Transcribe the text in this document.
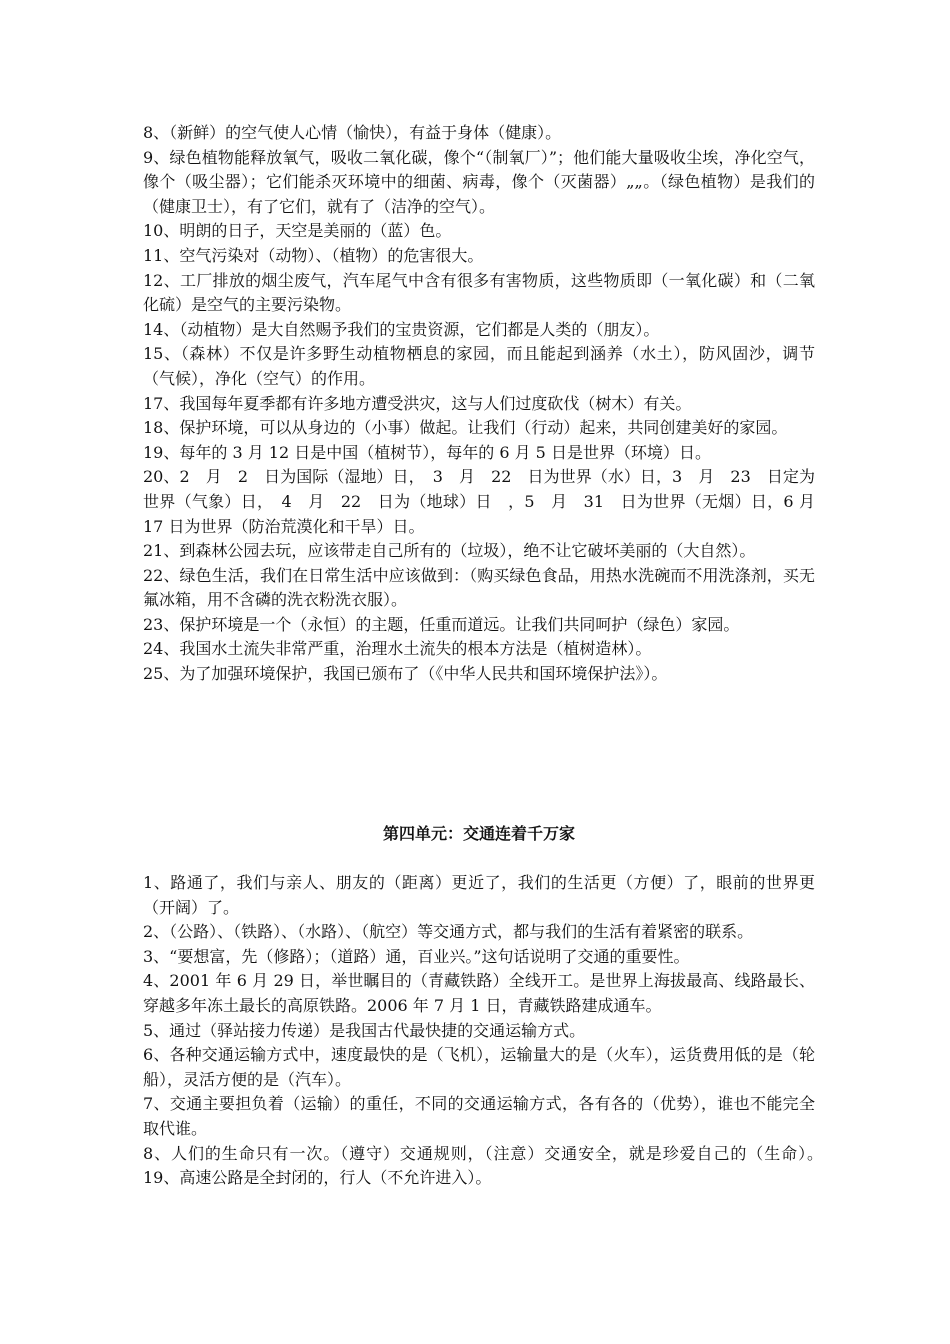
8、（新鲜）的空气使人心情（愉快），有益于身体（健康）。

9、绿色植物能释放氧气，吸收二氧化碳，像个“（制氧厂）”；他们能大量吸收尘埃，净化空气，像个（吸尘器）；它们能杀灭环境中的细菌、病毒，像个（灭菌器）„„。（绿色植物）是我们的（健康卫士），有了它们，就有了（洁净的空气）。

10、明朗的日子，天空是美丽的（蓝）色。

11、空气污染对（动物）、（植物）的危害很大。

12、工厂排放的烟尘废气，汽车尾气中含有很多有害物质，这些物质即（一氧化碳）和（二氧化硫）是空气的主要污染物。

14、（动植物）是大自然赐予我们的宝贵资源，它们都是人类的（朋友）。

15、（森林）不仅是许多野生动植物栖息的家园，而且能起到涵养（水土），防风固沙，调节（气候），净化（空气）的作用。

17、我国每年夏季都有许多地方遭受洪灾，这与人们过度砍伐（树木）有关。

18、保护环境，可以从身边的（小事）做起。让我们（行动）起来，共同创建美好的家园。

19、每年的 3 月 12 日是中国（植树节），每年的 6 月 5 日是世界（环境）日。

20、2　月　2　日为国际（湿地）日，　3　月　22　日为世界（水）日，3　月　23　日定为世界（气象）日，　4　月　22　日为（地球）日　，5　月　31　日为世界（无烟）日，6 月 17 日为世界（防治荒漠化和干旱）日。

21、到森林公园去玩，应该带走自己所有的（垃圾），绝不让它破坏美丽的（大自然）。

22、绿色生活，我们在日常生活中应该做到：（购买绿色食品，用热水洗碗而不用洗涤剂，买无氟冰箱，用不含磷的洗衣粉洗衣服）。

23、保护环境是一个（永恒）的主题，任重而道远。让我们共同呵护（绿色）家园。

24、我国水土流失非常严重，治理水土流失的根本方法是（植树造林）。

25、为了加强环境保护，我国已颁布了（《中华人民共和国环境保护法》）。

第四单元：交通连着千万家

1、路通了，我们与亲人、朋友的（距离）更近了，我们的生活更（方便）了，眼前的世界更（开阔）了。

2、（公路）、（铁路）、（水路）、（航空）等交通方式，都与我们的生活有着紧密的联系。

3、“要想富，先（修路）；（道路）通，百业兴。”这句话说明了交通的重要性。

4、2001 年 6 月 29 日，举世瞩目的（青藏铁路）全线开工。是世界上海拔最高、线路最长、穿越多年冻土最长的高原铁路。2006 年 7 月 1 日，青藏铁路建成通车。

5、通过（驿站接力传递）是我国古代最快捷的交通运输方式。

6、各种交通运输方式中，速度最快的是（飞机），运输量大的是（火车），运货费用低的是（轮船），灵活方便的是（汽车）。

7、交通主要担负着（运输）的重任，不同的交通运输方式，各有各的（优势），谁也不能完全取代谁。

8、人们的生命只有一次。（遵守）交通规则，（注意）交通安全，就是珍爱自己的（生命）。　19、高速公路是全封闭的，行人（不允许进入）。
